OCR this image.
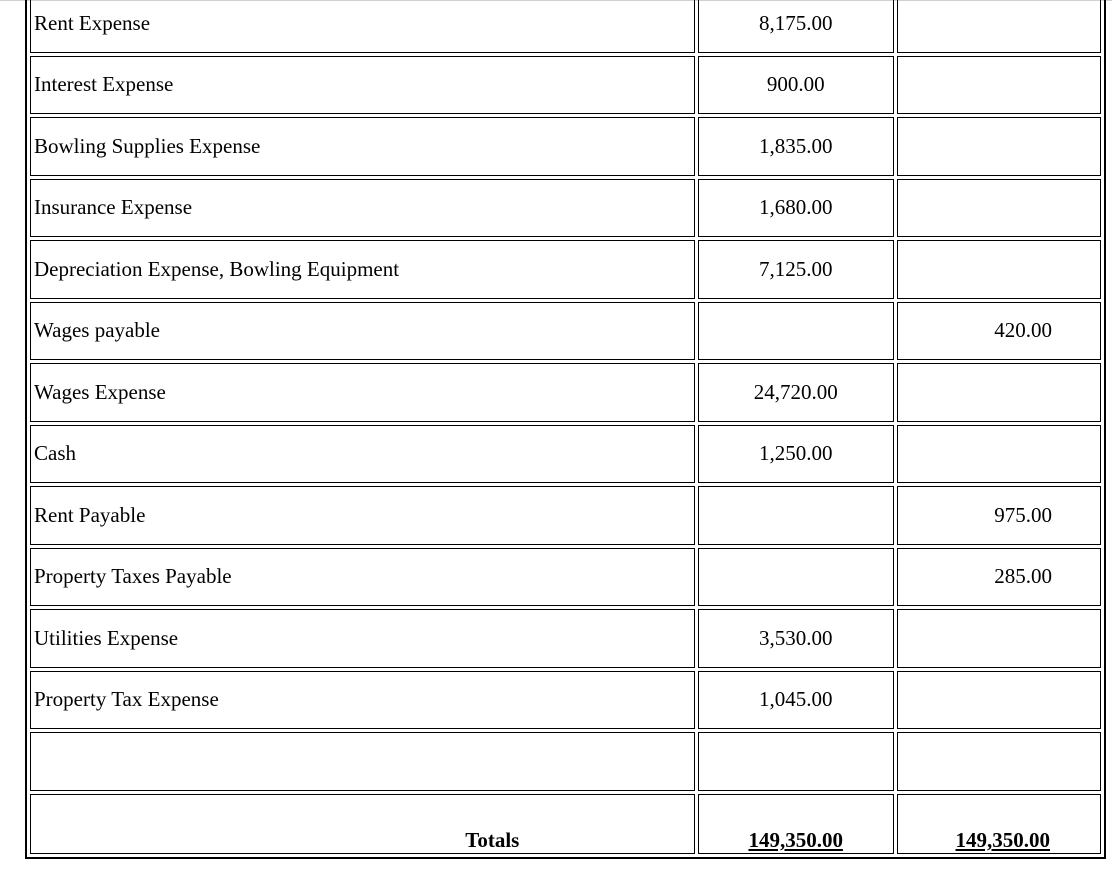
Rent Expense	8,175.00	
Interest Expense	900.00	
Bowling Supplies Expense	1,835.00	
Insurance Expense	1,680.00	
Depreciation Expense, Bowling Equipment	7,125.00	
Wages payable		420.00
Wages Expense	24,720.00	
Cash	1,250.00	
Rent Payable		975.00
Property Taxes Payable		285.00
Utilities Expense	3,530.00	
Property Tax Expense	1,045.00	

Totals	149,350.00	149,350.00
